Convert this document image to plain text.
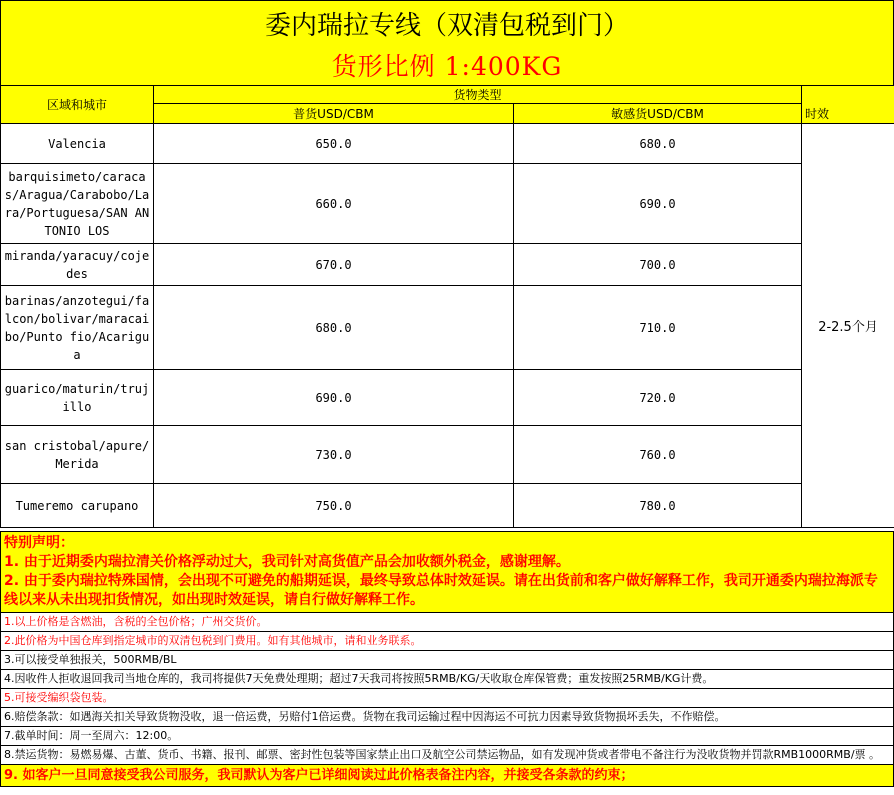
委内瑞拉专线（双清包税到门）
货形比例 1:400KG
区域和城市	货物类型		
	普货USD/CBM	敏感货USD/CBM	时效
Valencia	650.0	680.0	2-2.5个月
barquisimeto/caracas/Aragua/Carabobo/Lara/Portuguesa/SAN ANTONIO LOS	660.0	690.0	
miranda/yaracuy/cojedes	670.0	700.0	
barinas/anzotegui/falcon/bolivar/maracaibo/Punto fio/Acarigua	680.0	710.0	
guarico/maturin/trujillo	690.0	720.0	
san cristobal/apure/Merida	730.0	760.0	
Tumeremo carupano	750.0	780.0	
特别声明：
1. 由于近期委内瑞拉清关价格浮动过大，我司针对高货值产品会加收额外税金，感谢理解。
2. 由于委内瑞拉特殊国情，会出现不可避免的船期延误，最终导致总体时效延误。请在出货前和客户做好解释工作，我司开通委内瑞拉海派专线以来从未出现扣货情况，如出现时效延误，请自行做好解释工作。
1.以上价格是含燃油，含税的全包价格；广州交货价。
2.此价格为中国仓库到指定城市的双清包税到门费用。如有其他城市，请和业务联系。
3.可以接受单独报关，500RMB/BL
4.因收件人拒收退回我司当地仓库的，我司将提供7天免费处理期；超过7天我司将按照5RMB/KG/天收取仓库保管费；重发按照25RMB/KG计费。
5.可接受编织袋包装。
6.赔偿条款：如遇海关扣关导致货物没收，退一倍运费，另赔付1倍运费。货物在我司运输过程中因海运不可抗力因素导致货物损坏丢失，不作赔偿。
7.截单时间：周一至周六：12:00。
8.禁运货物：易燃易爆、古董、货币、书籍、报刊、邮票、密封性包装等国家禁止出口及航空公司禁运物品，如有发现冲货或者带电不备注行为没收货物并罚款RMB1000RMB/票 。
9. 如客户一旦同意接受我公司服务，我司默认为客户已详细阅读过此价格表备注内容，并接受各条款的约束；
